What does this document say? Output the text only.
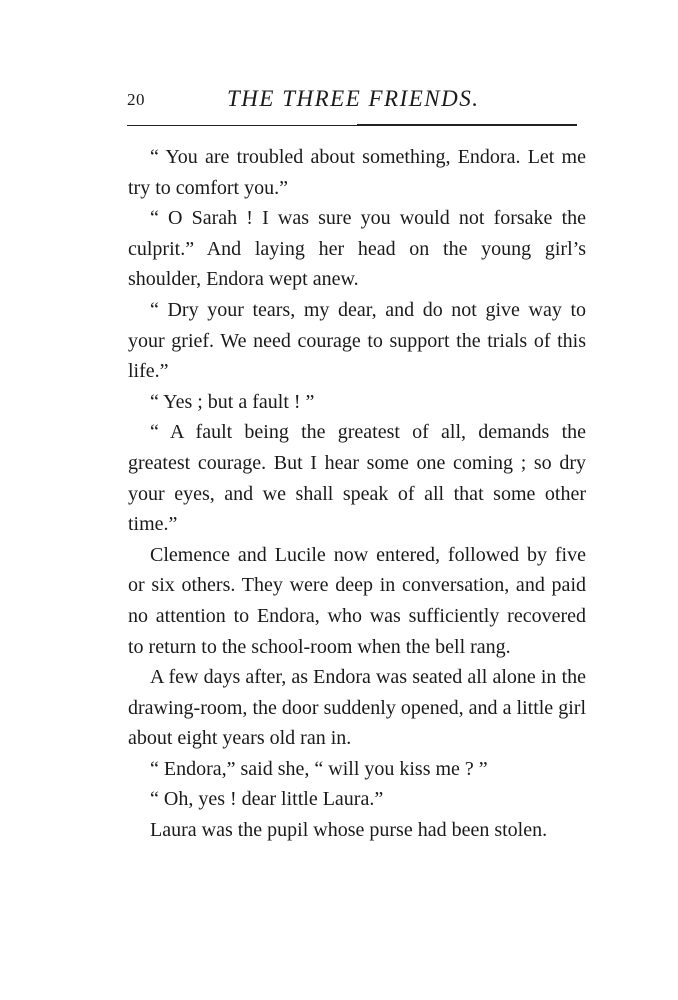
20	THE THREE FRIENDS.

“ You are troubled about something, Endora. Let me try to comfort you.”

“ O Sarah ! I was sure you would not forsake the culprit.” And laying her head on the young girl’s shoulder, Endora wept anew.

“ Dry your tears, my dear, and do not give way to your grief. We need courage to support the trials of this life.”

“ Yes ; but a fault ! ”

“ A fault being the greatest of all, demands the greatest courage. But I hear some one coming ; so dry your eyes, and we shall speak of all that some other time.”

Clemence and Lucile now entered, followed by five or six others. They were deep in conversation, and paid no attention to Endora, who was sufficiently recovered to return to the school-room when the bell rang.

A few days after, as Endora was seated all alone in the drawing-room, the door suddenly opened, and a little girl about eight years old ran in.

“ Endora,” said she, “ will you kiss me ? ”

“ Oh, yes ! dear little Laura.”

Laura was the pupil whose purse had been stolen.
